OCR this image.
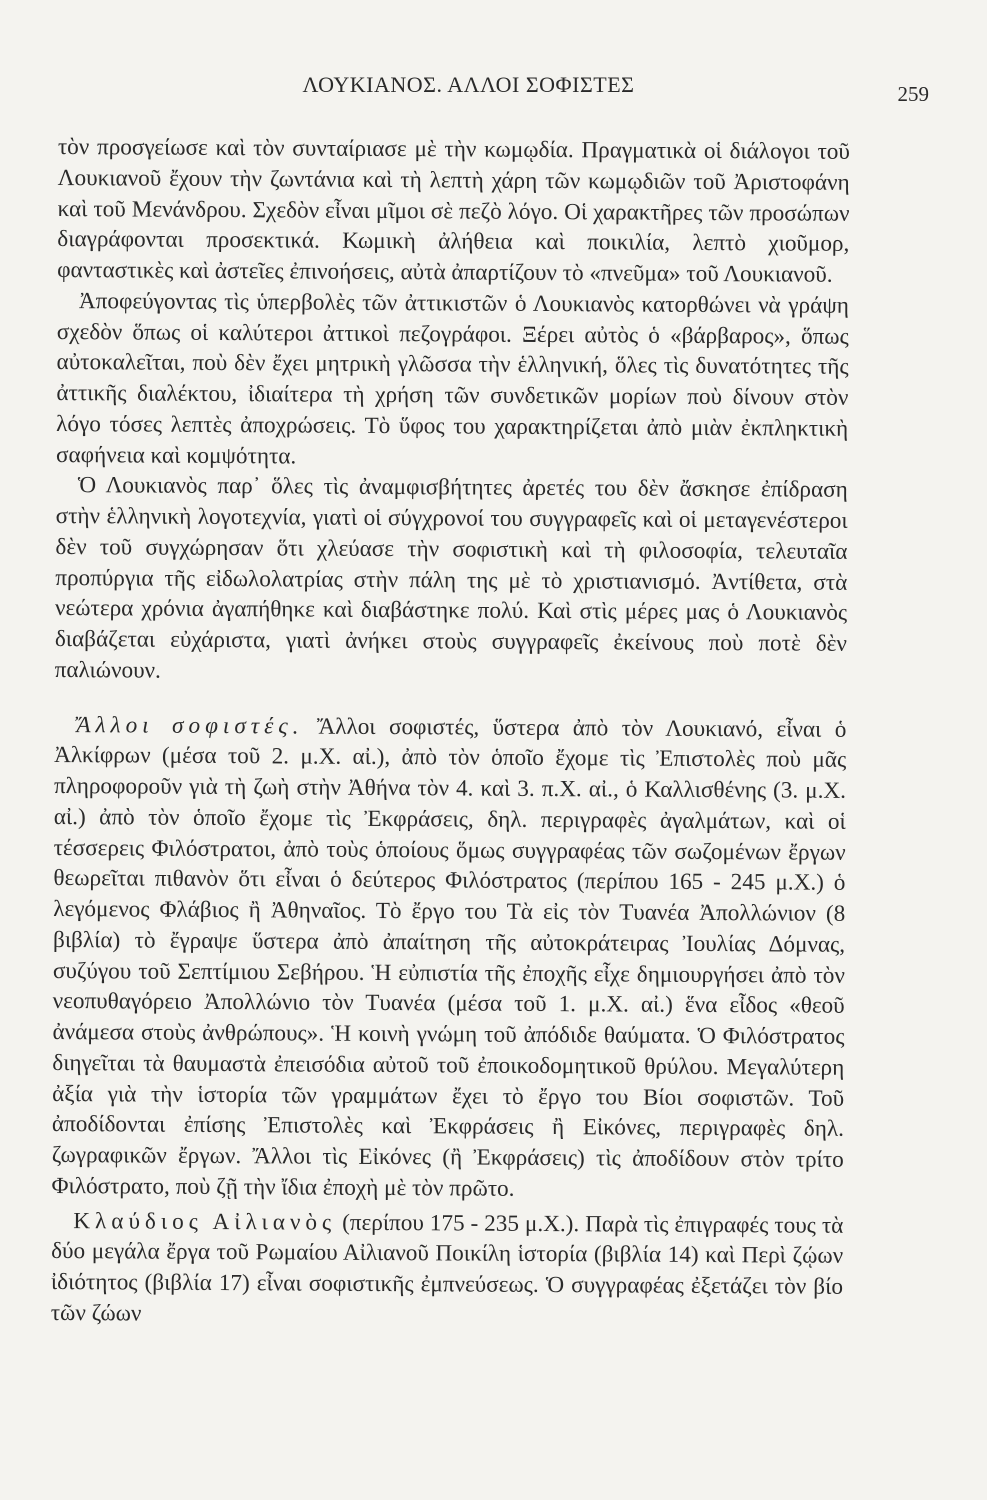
ΛΟΥΚΙΑΝΟΣ. ΑΛΛΟΙ ΣΟΦΙΣΤΕΣ	259

τὸν προσγείωσε καὶ τὸν συνταίριασε μὲ τὴν κωμῳδία. Πραγματικὰ οἱ διάλογοι τοῦ Λουκιανοῦ ἔχουν τὴν ζωντάνια καὶ τὴ λεπτὴ χάρη τῶν κωμῳδιῶν τοῦ Ἀριστοφάνη καὶ τοῦ Μενάνδρου. Σχεδὸν εἶναι μῖμοι σὲ πεζὸ λόγο. Οἱ χαρακτῆρες τῶν προσώπων διαγράφονται προσεκτικά. Κωμικὴ ἀλήθεια καὶ ποικιλία, λεπτὸ χιοῦμορ, φανταστικὲς καὶ ἀστεῖες ἐπινοήσεις, αὐτὰ ἀπαρτίζουν τὸ «πνεῦμα» τοῦ Λουκιανοῦ.

Ἀποφεύγοντας τὶς ὑπερβολὲς τῶν ἀττικιστῶν ὁ Λουκιανὸς κατορθώνει νὰ γράψη σχεδὸν ὅπως οἱ καλύτεροι ἀττικοὶ πεζογράφοι. Ξέρει αὐτὸς ὁ «βάρβαρος», ὅπως αὐτοκαλεῖται, ποὺ δὲν ἔχει μητρικὴ γλῶσσα τὴν ἑλληνική, ὅλες τὶς δυνατότητες τῆς ἀττικῆς διαλέκτου, ἰδιαίτερα τὴ χρήση τῶν συνδετικῶν μορίων ποὺ δίνουν στὸν λόγο τόσες λεπτὲς ἀποχρώσεις. Τὸ ὕφος του χαρακτηρίζεται ἀπὸ μιὰν ἐκπληκτικὴ σαφήνεια καὶ κομψότητα.

Ὁ Λουκιανὸς παρ᾽ ὅλες τὶς ἀναμφισβήτητες ἀρετές του δὲν ἄσκησε ἐπίδραση στὴν ἑλληνικὴ λογοτεχνία, γιατὶ οἱ σύγχρονοί του συγγραφεῖς καὶ οἱ μεταγενέστεροι δὲν τοῦ συγχώρησαν ὅτι χλεύασε τὴν σοφιστικὴ καὶ τὴ φιλοσοφία, τελευταῖα προπύργια τῆς εἰδωλολατρίας στὴν πάλη της μὲ τὸ χριστιανισμό. Ἀντίθετα, στὰ νεώτερα χρόνια ἀγαπήθηκε καὶ διαβάστηκε πολύ. Καὶ στὶς μέρες μας ὁ Λουκιανὸς διαβάζεται εὐχάριστα, γιατὶ ἀνήκει στοὺς συγγραφεῖς ἐκείνους ποὺ ποτὲ δὲν παλιώνουν.

Ἄλλοι σοφιστές. Ἄλλοι σοφιστές, ὕστερα ἀπὸ τὸν Λουκιανό, εἶναι ὁ Ἀλκίφρων (μέσα τοῦ 2. μ.Χ. αἰ.), ἀπὸ τὸν ὁποῖο ἔχομε τὶς Ἐπιστολὲς ποὺ μᾶς πληροφοροῦν γιὰ τὴ ζωὴ στὴν Ἀθήνα τὸν 4. καὶ 3. π.Χ. αἰ., ὁ Καλλισθένης (3. μ.Χ. αἰ.) ἀπὸ τὸν ὁποῖο ἔχομε τὶς Ἐκφράσεις, δηλ. περιγραφὲς ἀγαλμάτων, καὶ οἱ τέσσερεις Φιλόστρατοι, ἀπὸ τοὺς ὁποίους ὅμως συγγραφέας τῶν σωζομένων ἔργων θεωρεῖται πιθανὸν ὅτι εἶναι ὁ δεύτερος Φιλόστρατος (περίπου 165 - 245 μ.Χ.) ὁ λεγόμενος Φλάβιος ἢ Ἀθηναῖος. Τὸ ἔργο του Τὰ εἰς τὸν Τυανέα Ἀπολλώνιον (8 βιβλία) τὸ ἔγραψε ὕστερα ἀπὸ ἀπαίτηση τῆς αὐτοκράτειρας Ἰουλίας Δόμνας, συζύγου τοῦ Σεπτίμιου Σεβήρου. Ἡ εὐπιστία τῆς ἐποχῆς εἶχε δημιουργήσει ἀπὸ τὸν νεοπυθαγόρειο Ἀπολλώνιο τὸν Τυανέα (μέσα τοῦ 1. μ.Χ. αἰ.) ἕνα εἶδος «θεοῦ ἀνάμεσα στοὺς ἀνθρώπους». Ἡ κοινὴ γνώμη τοῦ ἀπόδιδε θαύματα. Ὁ Φιλόστρατος διηγεῖται τὰ θαυμαστὰ ἐπεισόδια αὐτοῦ τοῦ ἐποικοδομητικοῦ θρύλου. Μεγαλύτερη ἀξία γιὰ τὴν ἱστορία τῶν γραμμάτων ἔχει τὸ ἔργο του Βίοι σοφιστῶν. Τοῦ ἀποδίδονται ἐπίσης Ἐπιστολὲς καὶ Ἐκφράσεις ἢ Εἰκόνες, περιγραφὲς δηλ. ζωγραφικῶν ἔργων. Ἄλλοι τὶς Εἰκόνες (ἢ Ἐκφράσεις) τὶς ἀποδίδουν στὸν τρίτο Φιλόστρατο, ποὺ ζῇ τὴν ἴδια ἐποχὴ μὲ τὸν πρῶτο.

Κλαύδιος Αἰλιανὸς (περίπου 175 - 235 μ.Χ.). Παρὰ τὶς ἐπιγραφές τους τὰ δύο μεγάλα ἔργα τοῦ Ρωμαίου Αἰλιανοῦ Ποικίλη ἱστορία (βιβλία 14) καὶ Περὶ ζῴων ἰδιότητος (βιβλία 17) εἶναι σοφιστικῆς ἐμπνεύσεως. Ὁ συγγραφέας ἐξετάζει τὸν βίο τῶν ζώων
